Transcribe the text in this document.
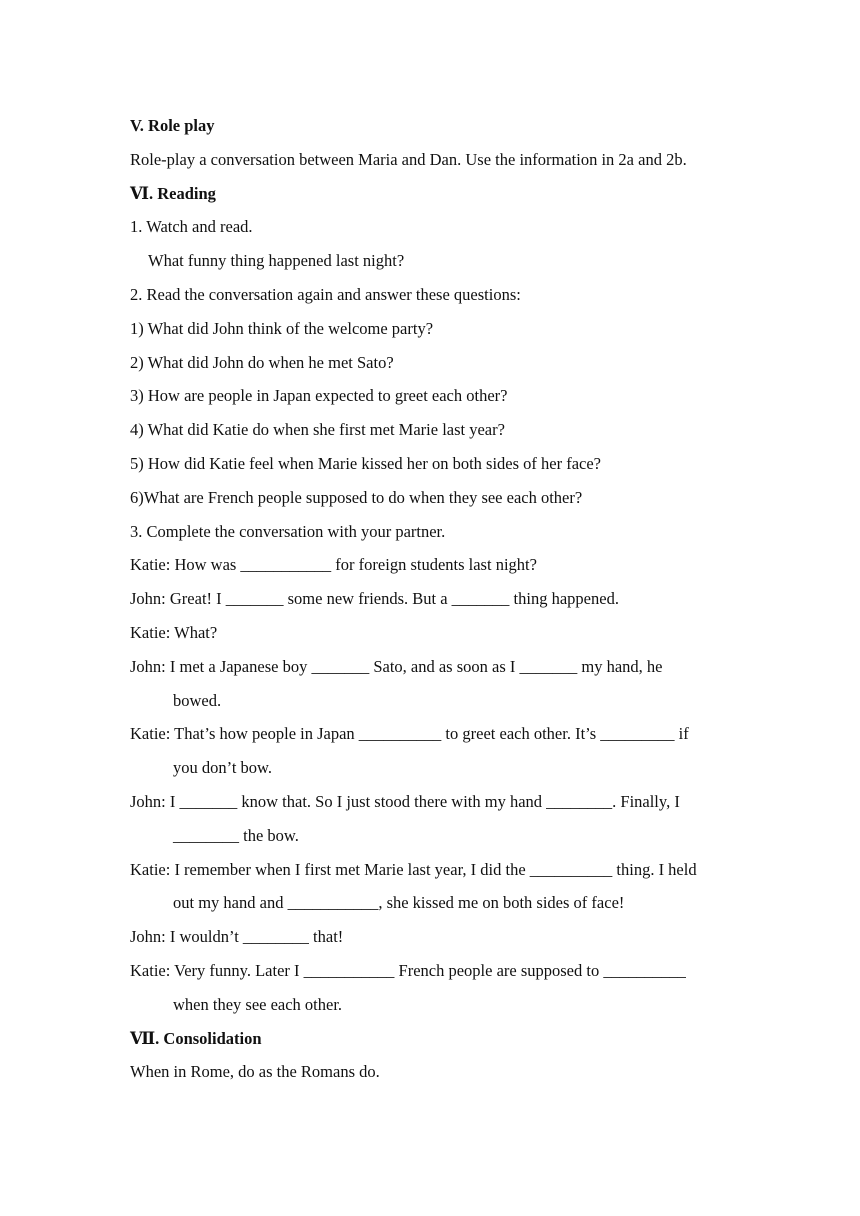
V. Role play
Role-play a conversation between Maria and Dan. Use the information in 2a and 2b.
Ⅵ. Reading
1. Watch and read.
What funny thing happened last night?
2. Read the conversation again and answer these questions:
1) What did John think of the welcome party?
2) What did John do when he met Sato?
3) How are people in Japan expected to greet each other?
4) What did Katie do when she first met Marie last year?
5) How did Katie feel when Marie kissed her on both sides of her face?
6)What are French people supposed to do when they see each other?
3. Complete the conversation with your partner.
Katie: How was ___________ for foreign students last night?
John: Great! I _______ some new friends. But a _______ thing happened.
Katie: What?
John: I met a Japanese boy _______ Sato, and as soon as I _______ my hand, he
bowed.
Katie: That’s how people in Japan __________ to greet each other. It’s _________ if
you don’t bow.
John: I _______ know that. So I just stood there with my hand ________. Finally, I
________ the bow.
Katie: I remember when I first met Marie last year, I did the __________ thing. I held
out my hand and ___________, she kissed me on both sides of face!
John: I wouldn’t ________ that!
Katie: Very funny. Later I ___________ French people are supposed to __________
when they see each other.
Ⅶ. Consolidation
When in Rome, do as the Romans do.
